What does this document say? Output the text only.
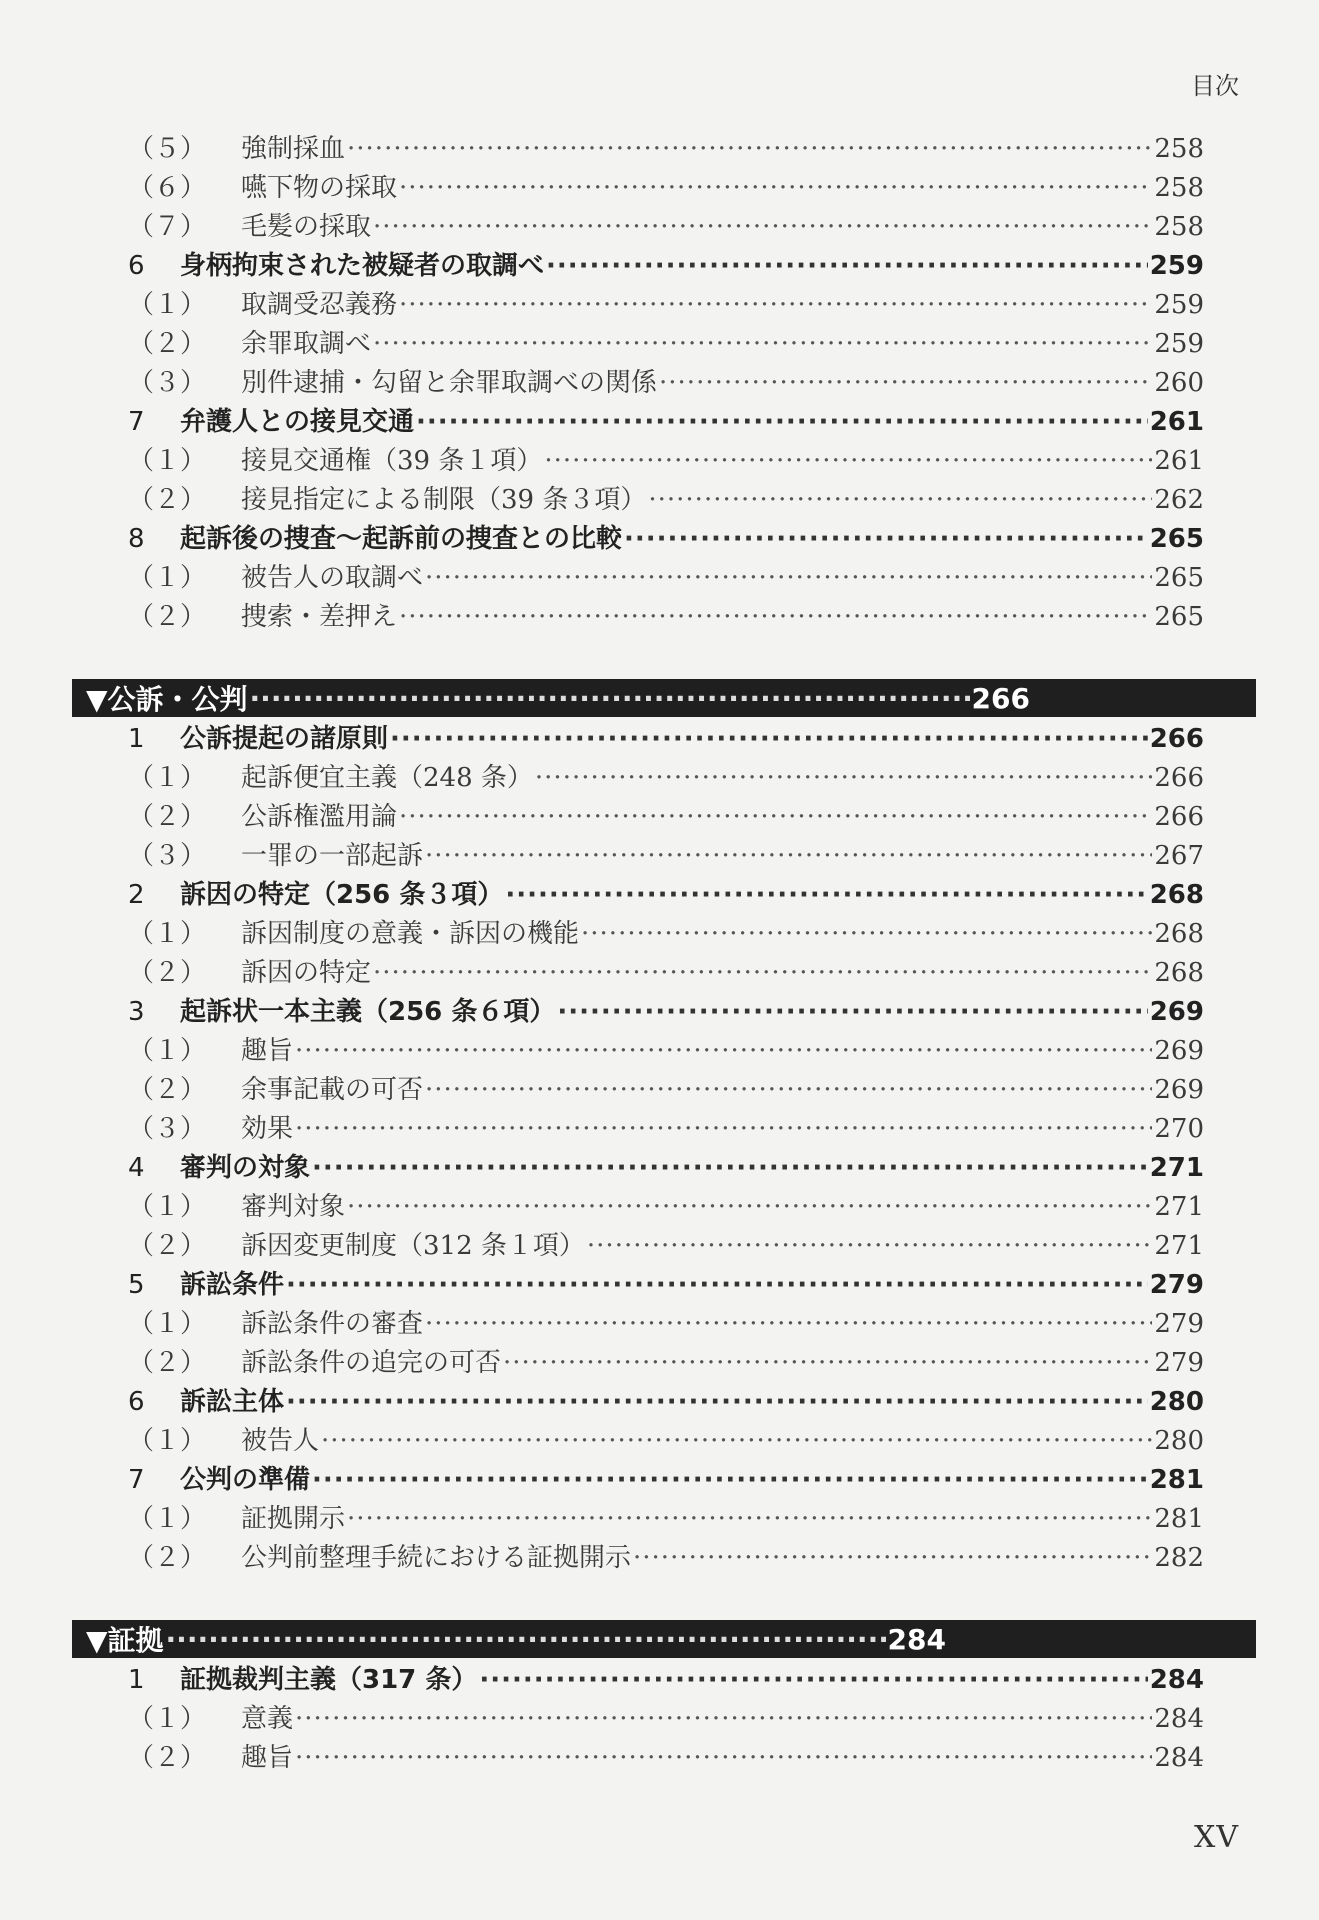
目次
（５）	強制採血 ·····	258
（６）	嚥下物の採取 ·····	258
（７）	毛髪の採取 ·····	258
6	身柄拘束された被疑者の取調べ ·····	259
（１）	取調受忍義務 ·····	259
（２）	余罪取調べ ·····	259
（３）	別件逮捕・勾留と余罪取調べの関係 ·····	260
7	弁護人との接見交通 ·····	261
（１）	接見交通権（39 条１項） ·····	261
（２）	接見指定による制限（39 条３項） ·····	262
8	起訴後の捜査～起訴前の捜査との比較 ·····	265
（１）	被告人の取調べ ·····	265
（２）	捜索・差押え ·····	265
▼公訴・公判 ·····	266
1	公訴提起の諸原則 ·····	266
（１）	起訴便宜主義（248 条） ·····	266
（２）	公訴権濫用論 ·····	266
（３）	一罪の一部起訴 ·····	267
2	訴因の特定（256 条３項） ·····	268
（１）	訴因制度の意義・訴因の機能 ·····	268
（２）	訴因の特定 ·····	268
3	起訴状一本主義（256 条６項） ·····	269
（１）	趣旨 ·····	269
（２）	余事記載の可否 ·····	269
（３）	効果 ·····	270
4	審判の対象 ·····	271
（１）	審判対象 ·····	271
（２）	訴因変更制度（312 条１項） ·····	271
5	訴訟条件 ·····	279
（１）	訴訟条件の審査 ·····	279
（２）	訴訟条件の追完の可否 ·····	279
6	訴訟主体 ·····	280
（１）	被告人 ·····	280
7	公判の準備 ·····	281
（１）	証拠開示 ·····	281
（２）	公判前整理手続における証拠開示 ·····	282
▼証拠 ·····	284
1	証拠裁判主義（317 条） ·····	284
（１）	意義 ·····	284
（２）	趣旨 ·····	284
XV
